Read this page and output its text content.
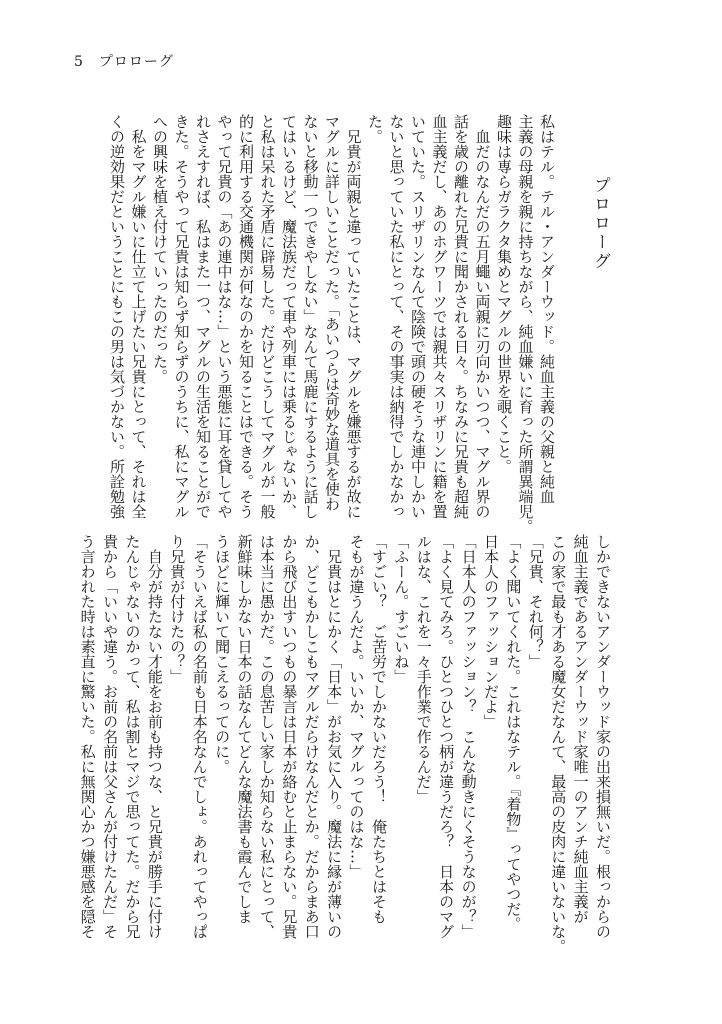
5　 プロローグ
プロローグ
私はテル。テル・アンダーウッド。純血主義の父親と純血
主義の母親を親に持ちながら、純血嫌いに育った所謂異端児。
趣味は専らガラクタ集めとマグルの世界を覗くこと。
　血だのなんだの五月蠅い両親に刃向かいつつ、マグル界の
話を歳の離れた兄貴に聞かされる日々。ちなみに兄貴も超純
血主義だし、あのホグワーツでは親共々スリザリンに籍を置
いていた。スリザリンなんて陰険で頭の硬そうな連中しかい
ないと思っていた私にとって、その事実は納得でしかなかっ
た。
　兄貴が両親と違っていたことは、マグルを嫌悪するが故に
マグルに詳しいことだった。「あいつらは奇妙な道具を使わ
ないと移動一つできやしない」なんて馬鹿にするように話し
てはいるけど、魔法族だって車や列車には乗るじゃないか、
と私は呆れた矛盾に辟易した。だけどこうしてマグルが一般
的に利用する交通機関が何なのかを知ることはできる。そう
やって兄貴の「あの連中はな…」という悪態に耳を貸してや
れさえすれば、私はまた一つ、マグルの生活を知ることがで
きた。そうやって兄貴は知らず知らずのうちに、私にマグル
への興味を植え付けていったのだった。
　私をマグル嫌いに仕立て上げたい兄貴にとって、それは全
くの逆効果だということにもこの男は気づかない。所詮勉強
しかできないアンダーウッド家の出来損無いだ。根っからの
純血主義であるアンダーウッド家唯一のアンチ純血主義が
この家で最も才ある魔女だなんて、最高の皮肉に違いないな。
「兄貴、それ何？」
「よく聞いてくれた。これはなテル。『着物』ってやつだ。
日本人のファッションだよ」
「日本人のファッション？　こんな動きにくそうなのが？」
「よく見てみろ。ひとつひとつ柄が違うだろ？　日本のマグ
ルはな、これを一々手作業で作るんだ」
「ふーん。すごいね」
「すごい？　ご苦労でしかないだろう！　俺たちとはそも
そもが違うんだよ。いいか、マグルってのはな…」
　兄貴はとにかく「日本」がお気に入り。魔法に縁が薄いの
か、どこもかしこもマグルだらけなんだとか。だからまあ口
から飛び出すいつもの暴言は日本が絡むと止まらない。兄貴
は本当に愚かだ。この息苦しい家しか知らない私にとって、
新鮮味しかない日本の話なんてどんな魔法書も霞んでしま
うほどに輝いて聞こえるってのに。
「そういえば私の名前も日本名なんでしょ。あれってやっぱ
り兄貴が付けたの？」
　自分が持たない才能をお前も持つな、と兄貴が勝手に付け
たんじゃないのかって、私は割とマジで思ってた。だから兄
貴から「いいや違う。お前の名前は父さんが付けたんだ」そ
う言われた時は素直に驚いた。私に無関心かつ嫌悪感を隠そ
